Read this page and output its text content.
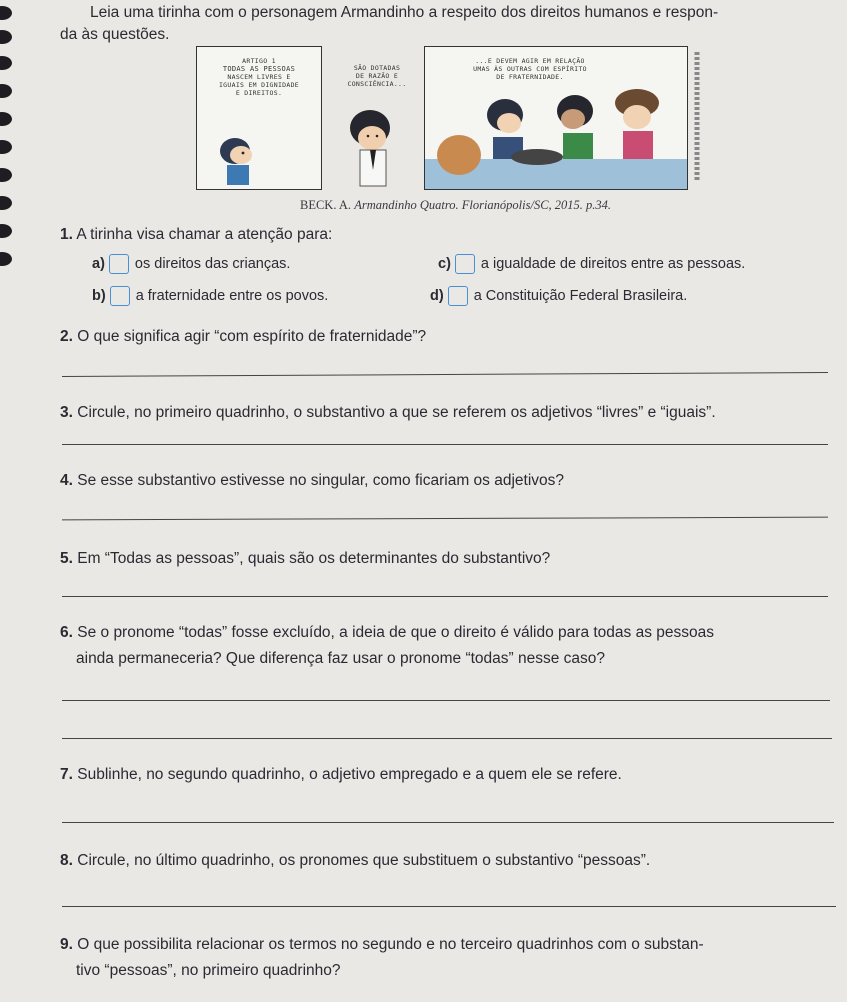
Leia uma tirinha com o personagem Armandinho a respeito dos direitos humanos e respon-
da às questões.
ARTIGO 1
TODAS AS PESSOAS
NASCEM LIVRES E
IGUAIS EM DIGNIDADE
E DIREITOS.
SÃO DOTADAS
DE RAZÃO E
CONSCIÊNCIA...
...E DEVEM AGIR EM RELAÇÃO
UMAS ÀS OUTRAS COM ESPÍRITO
DE FRATERNIDADE.
BECK. A. Armandinho Quatro. Florianópolis/SC, 2015. p.34.
1. A tirinha visa chamar a atenção para:
a) os direitos das crianças.	c) a igualdade de direitos entre as pessoas.
b) a fraternidade entre os povos.	d) a Constituição Federal Brasileira.
2. O que significa agir “com espírito de fraternidade”?
3. Circule, no primeiro quadrinho, o substantivo a que se referem os adjetivos “livres” e “iguais”.
4. Se esse substantivo estivesse no singular, como ficariam os adjetivos?
5. Em “Todas as pessoas”, quais são os determinantes do substantivo?
6. Se o pronome “todas” fosse excluído, a ideia de que o direito é válido para todas as pessoas
ainda permaneceria? Que diferença faz usar o pronome “todas” nesse caso?
7. Sublinhe, no segundo quadrinho, o adjetivo empregado e a quem ele se refere.
8. Circule, no último quadrinho, os pronomes que substituem o substantivo “pessoas”.
9. O que possibilita relacionar os termos no segundo e no terceiro quadrinhos com o substan-
tivo “pessoas”, no primeiro quadrinho?
